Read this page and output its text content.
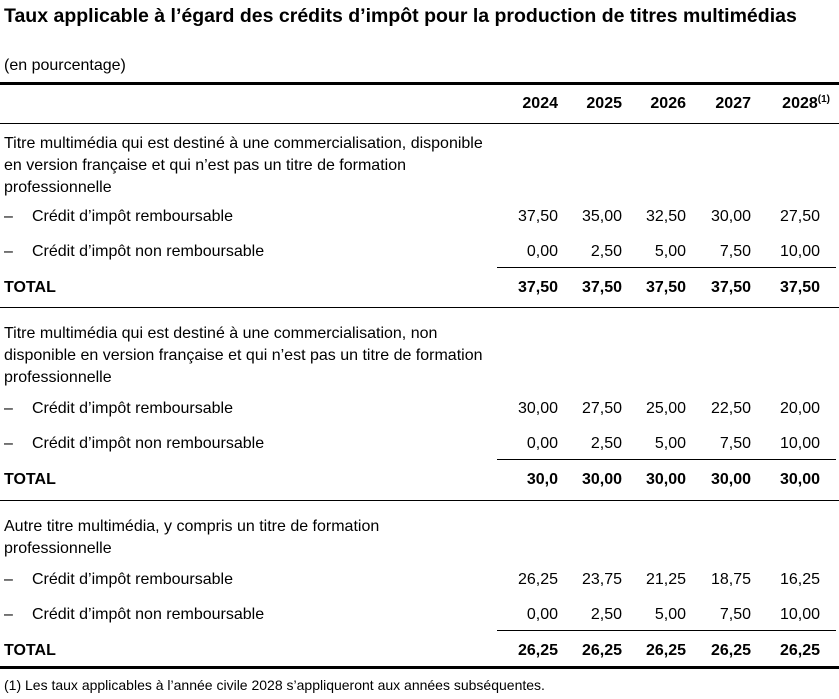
Taux applicable à l’égard des crédits d’impôt pour la production de titres multimédias
(en pourcentage)
2024	2025	2026	2027	2028$^{(1)}$
Titre multimédia qui est destiné à une commercialisation, disponible en version française et qui n’est pas un titre de formation professionnelle
– Crédit d’impôt remboursable	37,50	35,00	32,50	30,00	27,50
– Crédit d’impôt non remboursable	0,00	2,50	5,00	7,50	10,00
TOTAL	37,50	37,50	37,50	37,50	37,50
Titre multimédia qui est destiné à une commercialisation, non disponible en version française et qui n’est pas un titre de formation professionnelle
– Crédit d’impôt remboursable	30,00	27,50	25,00	22,50	20,00
– Crédit d’impôt non remboursable	0,00	2,50	5,00	7,50	10,00
TOTAL	30,0	30,00	30,00	30,00	30,00
Autre titre multimédia, y compris un titre de formation professionnelle
– Crédit d’impôt remboursable	26,25	23,75	21,25	18,75	16,25
– Crédit d’impôt non remboursable	0,00	2,50	5,00	7,50	10,00
TOTAL	26,25	26,25	26,25	26,25	26,25
(1) Les taux applicables à l’année civile 2028 s’appliqueront aux années subséquentes.
